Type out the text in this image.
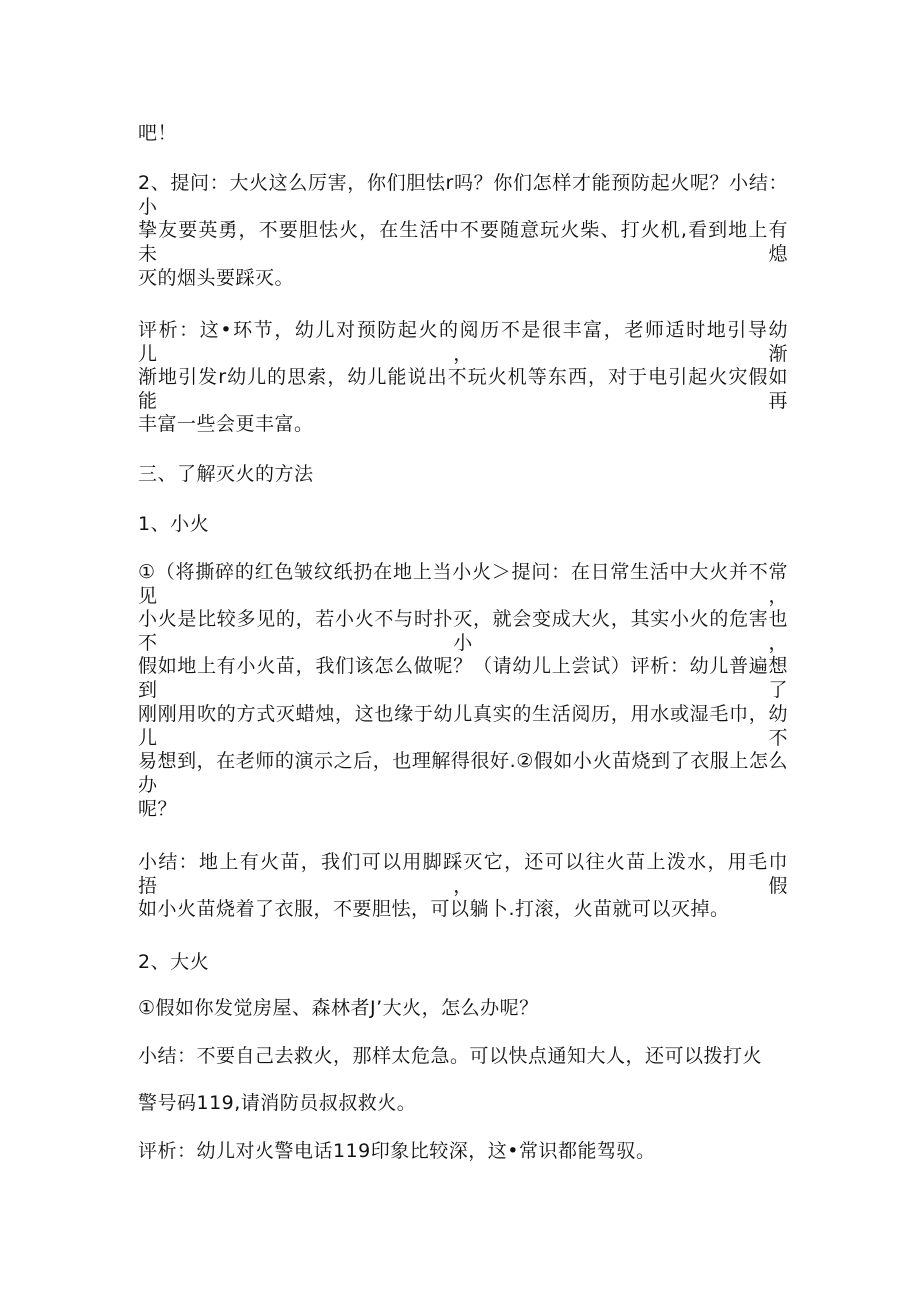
吧！
2、提问：大火这么厉害，你们胆怯r吗？你们怎样才能预防起火呢？小结：小
挚友要英勇，不要胆怯火，在生活中不要随意玩火柴、打火机,看到地上有未熄
灭的烟头要踩灭。
评析：这•环节，幼儿对预防起火的阅历不是很丰富，老师适时地引导幼儿，渐
渐地引发r幼儿的思索，幼儿能说出不玩火机等东西，对于电引起火灾假如能再
丰富一些会更丰富。
三、了解灭火的方法
1、小火
①（将撕碎的红色皱纹纸扔在地上当小火＞提问：在日常生活中大火并不常见，
小火是比较多见的，若小火不与时扑灭，就会变成大火，其实小火的危害也不小，
假如地上有小火苗，我们该怎么做呢？（请幼儿上尝试）评析：幼儿普遍想到了
刚刚用吹的方式灭蜡烛，这也缘于幼儿真实的生活阅历，用水或湿毛巾，幼儿不
易想到，在老师的演示之后，也理解得很好.②假如小火苗烧到了衣服上怎么办
呢？
小结：地上有火苗，我们可以用脚踩灭它，还可以往火苗上泼水，用毛巾捂，假
如小火苗烧着了衣服，不要胆怯，可以躺卜.打滚，火苗就可以灭掉。
2、大火
①假如你发觉房屋、森林者J’大火，怎么办呢？
小结：不要自己去救火，那样太危急。可以快点通知大人，还可以拨打火
警号码119,请消防员叔叔救火。
评析：幼儿对火警电话119印象比较深，这•常识都能驾驭。
